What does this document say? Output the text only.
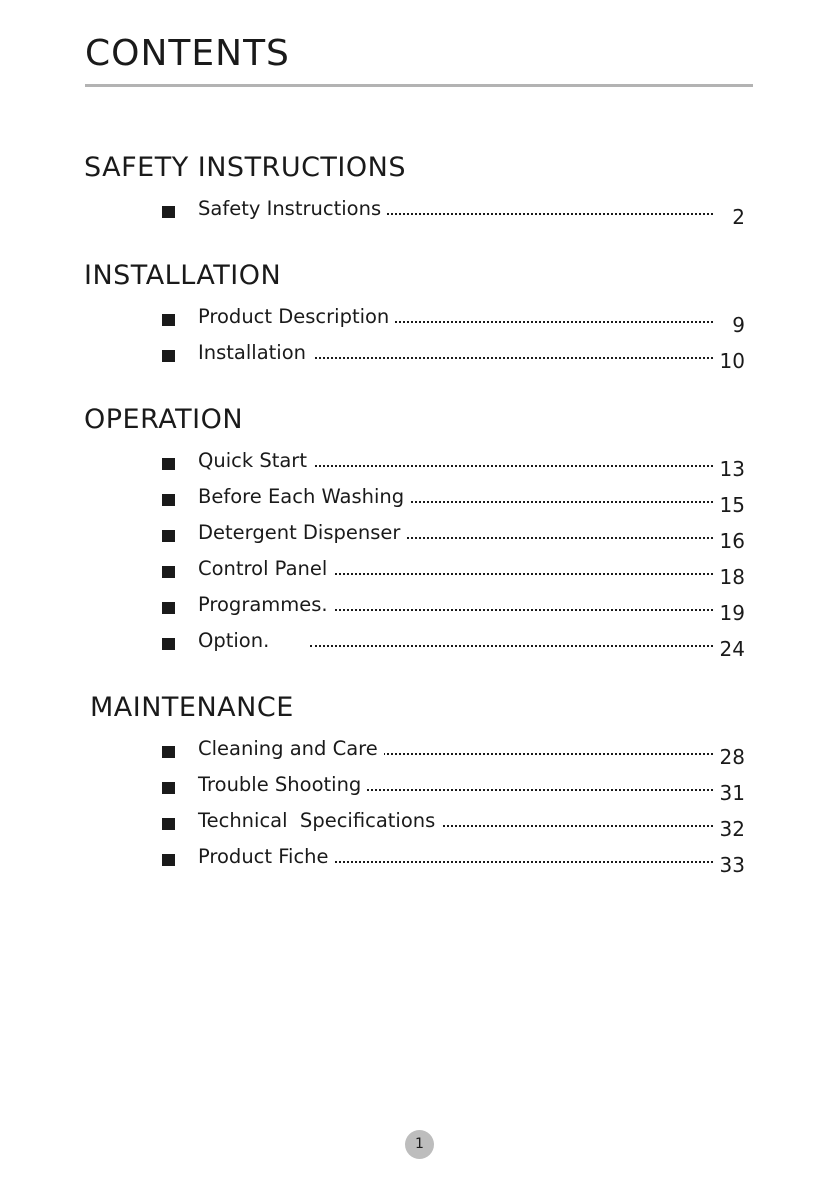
CONTENTS
SAFETY INSTRUCTIONS
Safety Instructions	2
INSTALLATION
Product Description	9
Installation	10
OPERATION
Quick Start	13
Before Each Washing	15
Detergent Dispenser	16
Control Panel	18
Programmes.	19
Option.	24
MAINTENANCE
Cleaning and Care	28
Trouble Shooting	31
Technical  Specifications	32
Product Fiche	33
1
